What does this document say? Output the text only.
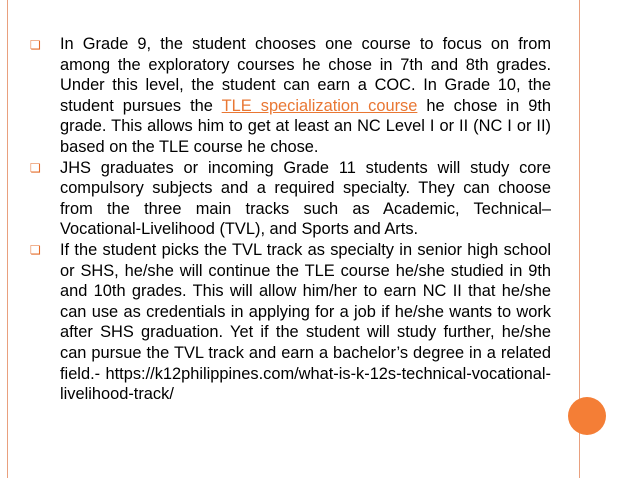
❏	In Grade 9, the student chooses one course to focus on from among the exploratory courses he chose in 7th and 8th grades. Under this level, the student can earn a COC. In Grade 10, the student pursues the TLE specialization course he chose in 9th grade. This allows him to get at least an NC Level I or II (NC I or II) based on the TLE course he chose.

❏	JHS graduates or incoming Grade 11 students will study core compulsory subjects and a required specialty. They can choose from the three main tracks such as Academic, Technical–Vocational-Livelihood (TVL), and Sports and Arts.

❏	If the student picks the TVL track as specialty in senior high school or SHS, he/she will continue the TLE course he/she studied in 9th and 10th grades. This will allow him/her to earn NC II that he/she can use as credentials in applying for a job if he/she wants to work after SHS graduation. Yet if the student will study further, he/she can pursue the TVL track and earn a bachelor’s degree in a related field.- https://k12philippines.com/what-is-k-12s-technical-vocational-livelihood-track/
